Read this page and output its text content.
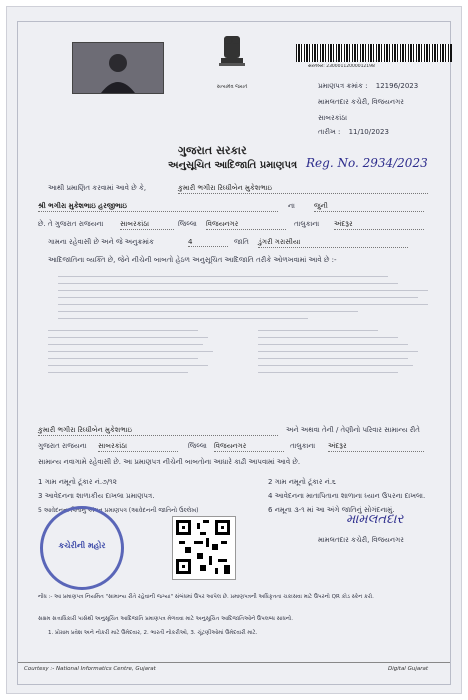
સત્યમેવ જયતે
સરનંબર: 23000112000012198
પ્રમાણપત્ર ક્રમાંક : 12196/2023
મામલતદાર કચેરી, વિજયનગર
સાબરકાંઠા
તારીખ : 11/10/2023
ગુજરાત સરકાર
અનુસૂચિત આદિજાતિ પ્રમાણપત્ર Reg. No. 2934/2023
આથી પ્રમાણિત કરવામાં આવે છે કે,	કુમારી ભગીરા રિધ્ધીબેન મુકેશભાઇ
શ્રી ભગીરા મુકેશભાઇ હરજીભાઇ	ના	જુની
છે. તે ગુજરાત રાજયના સાબરકાંઠા	જિલ્લા વિજયનગર	તાલુકાના અંદરૂર
ગામના રહેવાસી છે અને જે અનુક્રમાંક	4	જાતિ ડુંગરી ગરાસીયા
આદિજાતિના વ્યક્તિ છે, જેને નીચેની બાબતો હેઠળ અનુસૂચિત આદિજાતિ તરીકે ઓળખવામાં આવે છે :-
કુમારી ભગીરા રિધ્ધીબેન મુકેશભાઇ	અને અથવા તેની / તેણીનો પરિવાર સામાન્ય રીતે
ગુજરાત રાજયના સાબરકાંઠા	જિલ્લા વિજયનગર	તાલુકાના અંદરૂર
સામાન્ય નવાગામે રહેવાસી છે. આ પ્રમાણપત્ર નીચેની બાબતોના આધારે કાઢી આપવામાં આવે છે.
1 ગામ નમૂનો ટૂંકાર નં.૭/૧૨	2 ગામ નમૂનો ટૂંકાર નં.૬
3 આવેદનના શાળાકીય દાખલા પ્રમાણપત્ર.	4 આવેદનના માતાપિતાના શાળાના ધ્યાન ઉપરના દાખલા.
5 આવેદનના પિતાનું અંગત પ્રમાણપત્ર (આવેદનની જાતિનો ઉલ્લેખ)	6 નમૂના ૩-૧ માં આ અંગે જાતિનું સોગંદનામું.
કચેરીની મહોર
મામલતદાર
મામલતદાર કચેરી, વિજયનગર
નોંધ :- આ પ્રમાણપત્ર નિયમિત "સામાન્ય રીતે રહેવાની જગ્યા" સંબંધમાં ઉપર આપેલ છે. પ્રમાણપત્રની અધિકૃતતા ચકાસવા માટે ઉપરનો QR કોડ સ્કેન કરો.
સક્ષમ સત્તાધિકારી પાસેથી અનુસૂચિત આદિજાતિ પ્રમાણપત્ર મેળવવા માટે અનુસૂચિત આદિજાતિઓને ઉપલબ્ધ સાધનો.
1. પ્રોગ્રામ પ્રવેશ અને નોકરી માટે ઉમેદવાર, 2. ભારતી નોકરીઓ, 3. ચૂંટણીઓમાં ઉમેદવારી માટે.
Courtesy :- National Informatics Centre, Gujarat	Digital Gujarat
